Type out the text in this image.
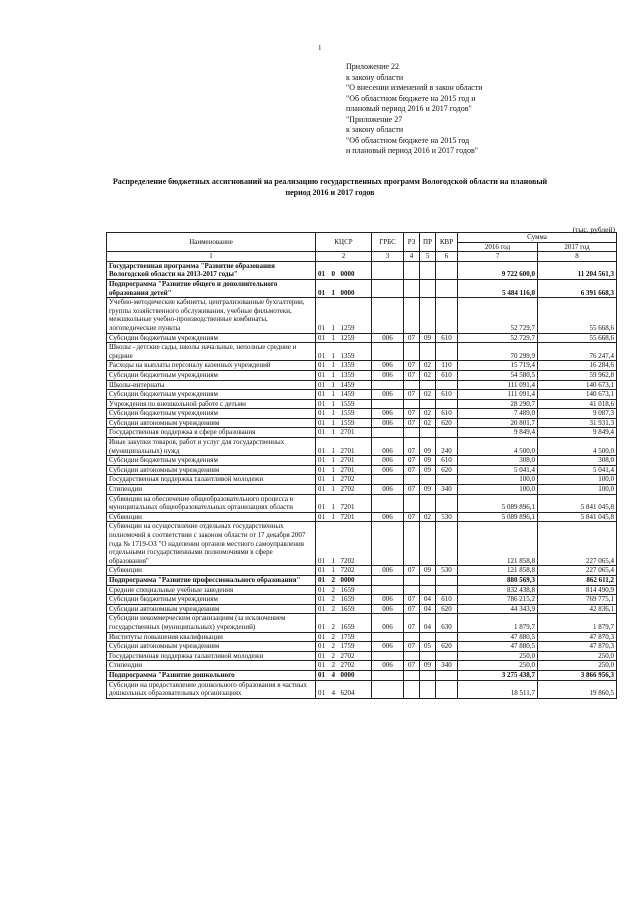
1
Приложение 22
к закону области
"О внесении изменений в закон области
"Об областном бюджете на 2015 год и
плановый период 2016 и 2017 годов"
"Приложение 27
к закону области
"Об областном бюджете на 2015 год
и плановый период 2016 и 2017 годов"
Распределение бюджетных ассигнований на реализацию государственных программ Вологодской области на плановый
период 2016 и 2017 годов
(тыс. рублей)
Наименование	КЦСР			ГРБС	РЗ	ПР	КВР	Сумма	
								2016 год	2017 год
1	2			3	4	5	6	7	8
Государственная программа "Развитие образования Вологодской области на 2013-2017 годы"	01	0	0000					9 722 600,0	11 204 561,3
Подпрограмма "Развитие общего и дополнительного образования детей"	01	1	0000					5 484 116,0	6 391 668,3
Учебно-методические кабинеты, централизованные бухгалтерии, группы хозяйственного обслуживания, учебные фильмотеки, межшкольные учебно-производственные комбинаты, логопедические пункты	01	1	1259					52 729,7	55 668,6
Субсидии бюджетным учреждениям	01	1	1259	006	07	09	610	52 729,7	55 668,6
Школы - детские сады, школы начальные, неполные средние и средние	01	1	1359					70 299,9	76 247,4
Расходы на выплаты персоналу казенных учреждений	01	1	1359	006	07	02	110	15 719,4	16 284,6
Субсидии бюджетным учреждениям	01	1	1359	006	07	02	610	54 580,5	59 962,8
Школы-интернаты	01	1	1459					111 091,4	140 673,1
Субсидии бюджетным учреждениям	01	1	1459	006	07	02	610	111 091,4	140 673,1
Учреждения по внешкольной работе с детьми	01	1	1559					28 290,7	41 018,6
Субсидии бюджетным учреждениям	01	1	1559	006	07	02	610	7 489,0	9 087,3
Субсидии автономным учреждениям	01	1	1559	006	07	02	620	20 801,7	31 931,3
Государственная поддержка в сфере образования	01	1	2701					9 849,4	9 849,4
Иные закупки товаров, работ и услуг для государственных (муниципальных) нужд	01	1	2701	006	07	09	240	4 500,0	4 500,0
Субсидии бюджетным учреждениям	01	1	2701	006	07	09	610	308,0	308,0
Субсидии автономным учреждениям	01	1	2701	006	07	09	620	5 041,4	5 041,4
Государственная поддержка талантливой молодежи	01	1	2702					100,0	100,0
Стипендии	01	1	2702	006	07	09	340	100,0	100,0
Субвенции на обеспечение общеобразовательного процесса в муниципальных общеобразовательных организациях области	01	1	7201					5 089 896,1	5 841 045,8
Субвенции	01	1	7201	006	07	02	530	5 089 896,1	5 841 045,8
Субвенции на осуществление отдельных государственных полномочий в соответствии с законом области от 17 декабря 2007 года № 1719-ОЗ "О наделении органов местного самоуправления отдельными государственными полномочиями в сфере образования"	01	1	7202					121 858,8	227 065,4
Субвенции	01	1	7202	006	07	09	530	121 858,8	227 065,4
Подпрограмма "Развитие профессионального образования"	01	2	0000					880 569,3	862 611,2
Средние специальные учебные заведения	01	2	1659					832 438,8	814 490,9
Субсидии бюджетным учреждениям	01	2	1659	006	07	04	610	786 215,2	769 775,1
Субсидии автономным учреждениям	01	2	1659	006	07	04	620	44 343,9	42 836,1
Субсидии некоммерческим организациям (за исключением государственных (муниципальных) учреждений)	01	2	1659	006	07	04	630	1 879,7	1 879,7
Институты повышения квалификации	01	2	1759					47 880,5	47 870,3
Субсидии автономным учреждениям	01	2	1759	006	07	05	620	47 880,5	47 870,3
Государственная поддержка талантливой молодежи	01	2	2702					250,0	250,0
Стипендии	01	2	2702	006	07	09	340	250,0	250,0
Подпрограмма "Развитие дошкольного	01	4	0000					3 275 438,7	3 866 956,3
Субсидии на предоставление дошкольного образования в частных дошкольных образовательных организациях	01	4	6204					18 511,7	19 860,5
